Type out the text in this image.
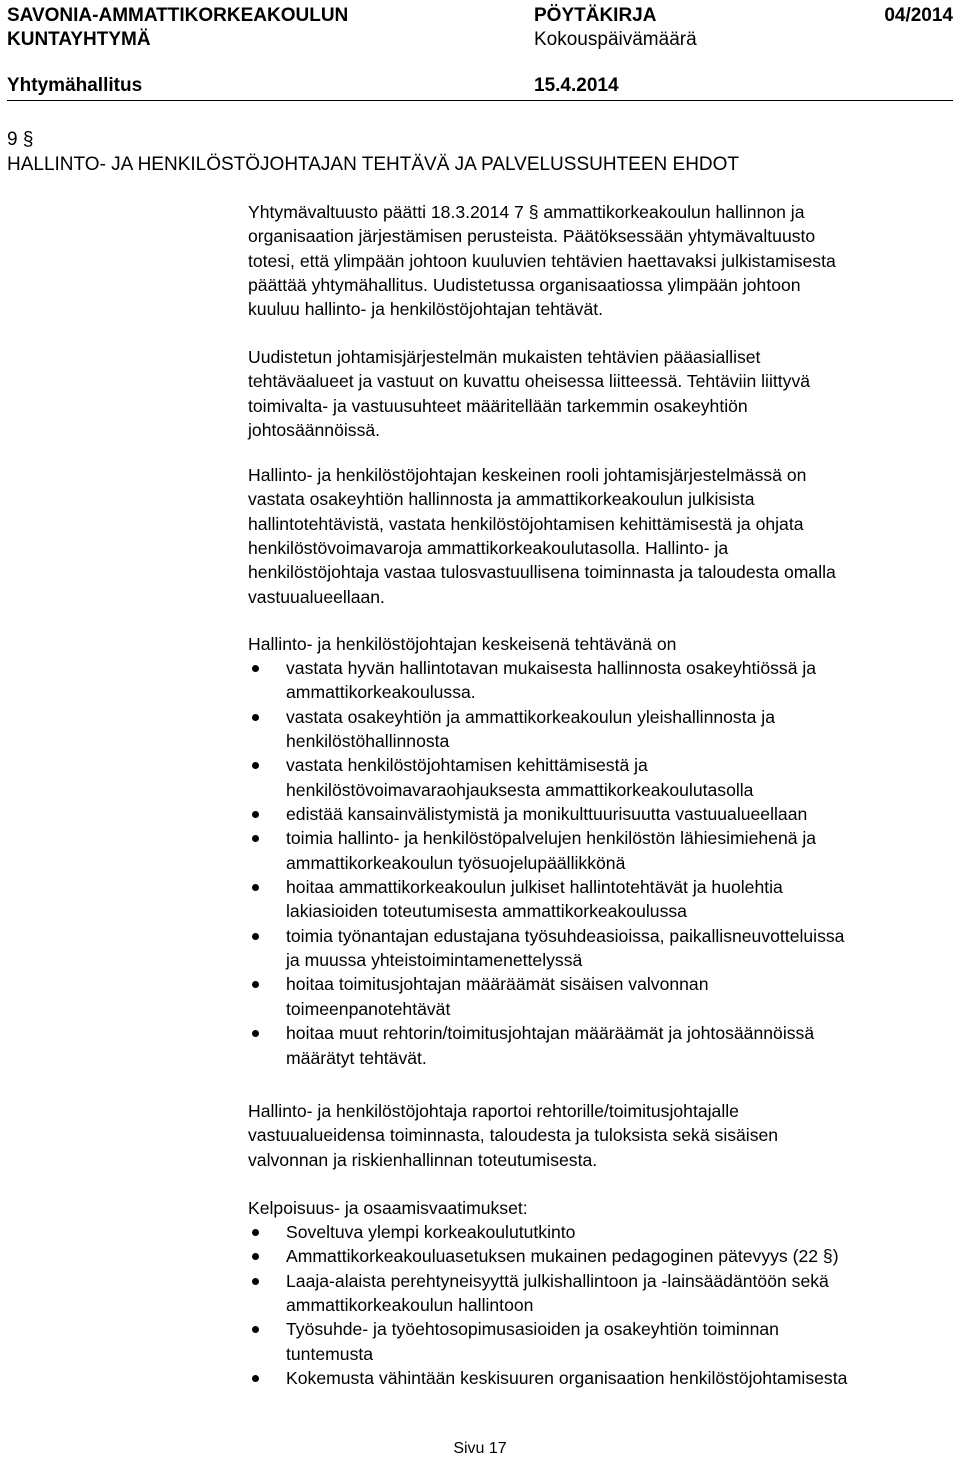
SAVONIA-AMMATTIKORKEAKOULUN	PÖYTÄKIRJA	04/2014
KUNTAYHTYMÄ	Kokouspäivämäärä
Yhtymähallitus	15.4.2014
9 §
HALLINTO- JA HENKILÖSTÖJOHTAJAN TEHTÄVÄ JA PALVELUSSUHTEEN EHDOT

Yhtymävaltuusto päätti 18.3.2014 7 § ammattikorkeakoulun hallinnon ja

organisaation järjestämisen perusteista. Päätöksessään yhtymävaltuusto

totesi, että ylimpään johtoon kuuluvien tehtävien haettavaksi julkistamisesta

päättää yhtymähallitus. Uudistetussa organisaatiossa ylimpään johtoon

kuuluu hallinto- ja henkilöstöjohtajan tehtävät.

Uudistetun johtamisjärjestelmän mukaisten tehtävien pääasialliset

tehtäväalueet ja vastuut on kuvattu oheisessa liitteessä. Tehtäviin liittyvä

toimivalta- ja vastuusuhteet määritellään tarkemmin osakeyhtiön

johtosäännöissä.

Hallinto- ja henkilöstöjohtajan keskeinen rooli johtamisjärjestelmässä on

vastata osakeyhtiön hallinnosta ja ammattikorkeakoulun julkisista

hallintotehtävistä, vastata henkilöstöjohtamisen kehittämisestä ja ohjata

henkilöstövoimavaroja ammattikorkeakoulutasolla. Hallinto- ja

henkilöstöjohtaja vastaa tulosvastuullisena toiminnasta ja taloudesta omalla

vastuualueellaan.

Hallinto- ja henkilöstöjohtajan keskeisenä tehtävänä on

vastata hyvän hallintotavan mukaisesta hallinnosta osakeyhtiössä ja
ammattikorkeakoulussa.
vastata osakeyhtiön ja ammattikorkeakoulun yleishallinnosta ja
henkilöstöhallinnosta
vastata henkilöstöjohtamisen kehittämisestä ja
henkilöstövoimavaraohjauksesta ammattikorkeakoulutasolla
edistää kansainvälistymistä ja monikulttuurisuutta vastuualueellaan
toimia hallinto- ja henkilöstöpalvelujen henkilöstön lähiesimiehenä ja
ammattikorkeakoulun työsuojelupäällikkönä
hoitaa ammattikorkeakoulun julkiset hallintotehtävät ja huolehtia
lakiasioiden toteutumisesta ammattikorkeakoulussa
toimia työnantajan edustajana työsuhdeasioissa, paikallisneuvotteluissa
ja muussa yhteistoimintamenettelyssä
hoitaa toimitusjohtajan määräämät sisäisen valvonnan
toimeenpanotehtävät
hoitaa muut rehtorin/toimitusjohtajan määräämät ja johtosäännöissä
määrätyt tehtävät.

Hallinto- ja henkilöstöjohtaja raportoi rehtorille/toimitusjohtajalle

vastuualueidensa toiminnasta, taloudesta ja tuloksista sekä sisäisen

valvonnan ja riskienhallinnan toteutumisesta.

Kelpoisuus- ja osaamisvaatimukset:

Soveltuva ylempi korkeakoulututkinto
Ammattikorkeakouluasetuksen mukainen pedagoginen pätevyys (22 §)
Laaja-alaista perehtyneisyyttä julkishallintoon ja -lainsäädäntöön sekä
ammattikorkeakoulun hallintoon
Työsuhde- ja työehtosopimusasioiden ja osakeyhtiön toiminnan
tuntemusta
Kokemusta vähintään keskisuuren organisaation henkilöstöjohtamisesta
Sivu 17
